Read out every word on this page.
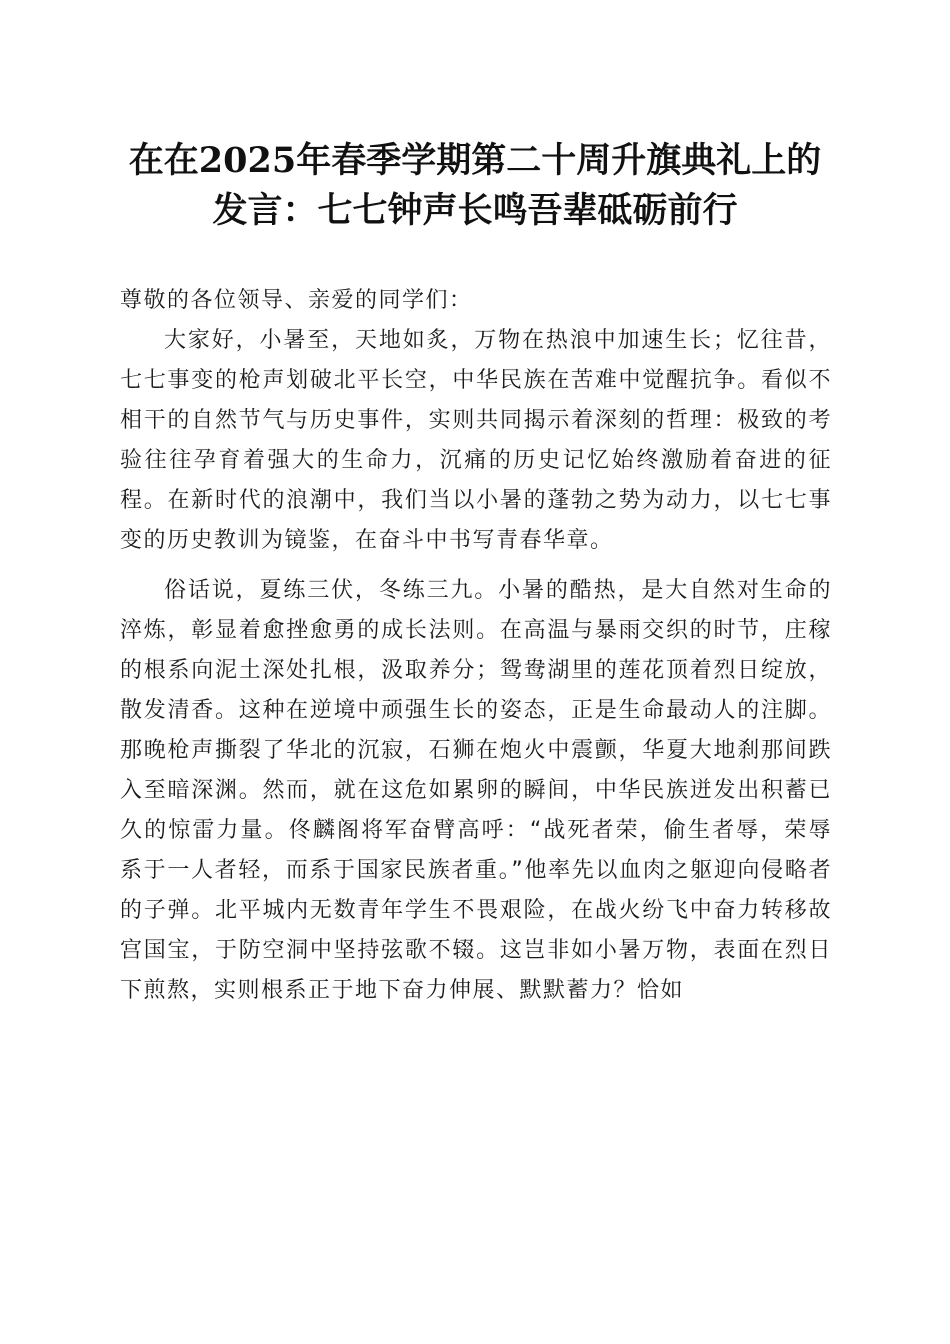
在在2025年春季学期第二十周升旗典礼上的
发言：七七钟声长鸣吾辈砥砺前行

尊敬的各位领导、亲爱的同学们：

大家好，小暑至，天地如炙，万物在热浪中加速生长；忆往昔，七七事变的枪声划破北平长空，中华民族在苦难中觉醒抗争。看似不相干的自然节气与历史事件，实则共同揭示着深刻的哲理：极致的考验往往孕育着强大的生命力，沉痛的历史记忆始终激励着奋进的征程。在新时代的浪潮中，我们当以小暑的蓬勃之势为动力，以七七事变的历史教训为镜鉴，在奋斗中书写青春华章。

俗话说，夏练三伏，冬练三九。小暑的酷热，是大自然对生命的淬炼，彰显着愈挫愈勇的成长法则。在高温与暴雨交织的时节，庄稼的根系向泥土深处扎根，汲取养分；鸳鸯湖里的莲花顶着烈日绽放，散发清香。这种在逆境中顽强生长的姿态，正是生命最动人的注脚。那晚枪声撕裂了华北的沉寂，石狮在炮火中震颤，华夏大地刹那间跌入至暗深渊。然而，就在这危如累卵的瞬间，中华民族迸发出积蓄已久的惊雷力量。佟麟阁将军奋臂高呼：“战死者荣，偷生者辱，荣辱系于一人者轻，而系于国家民族者重。”他率先以血肉之躯迎向侵略者的子弹。北平城内无数青年学生不畏艰险，在战火纷飞中奋力转移故宫国宝，于防空洞中坚持弦歌不辍。这岂非如小暑万物，表面在烈日下煎熬，实则根系正于地下奋力伸展、默默蓄力？恰如
